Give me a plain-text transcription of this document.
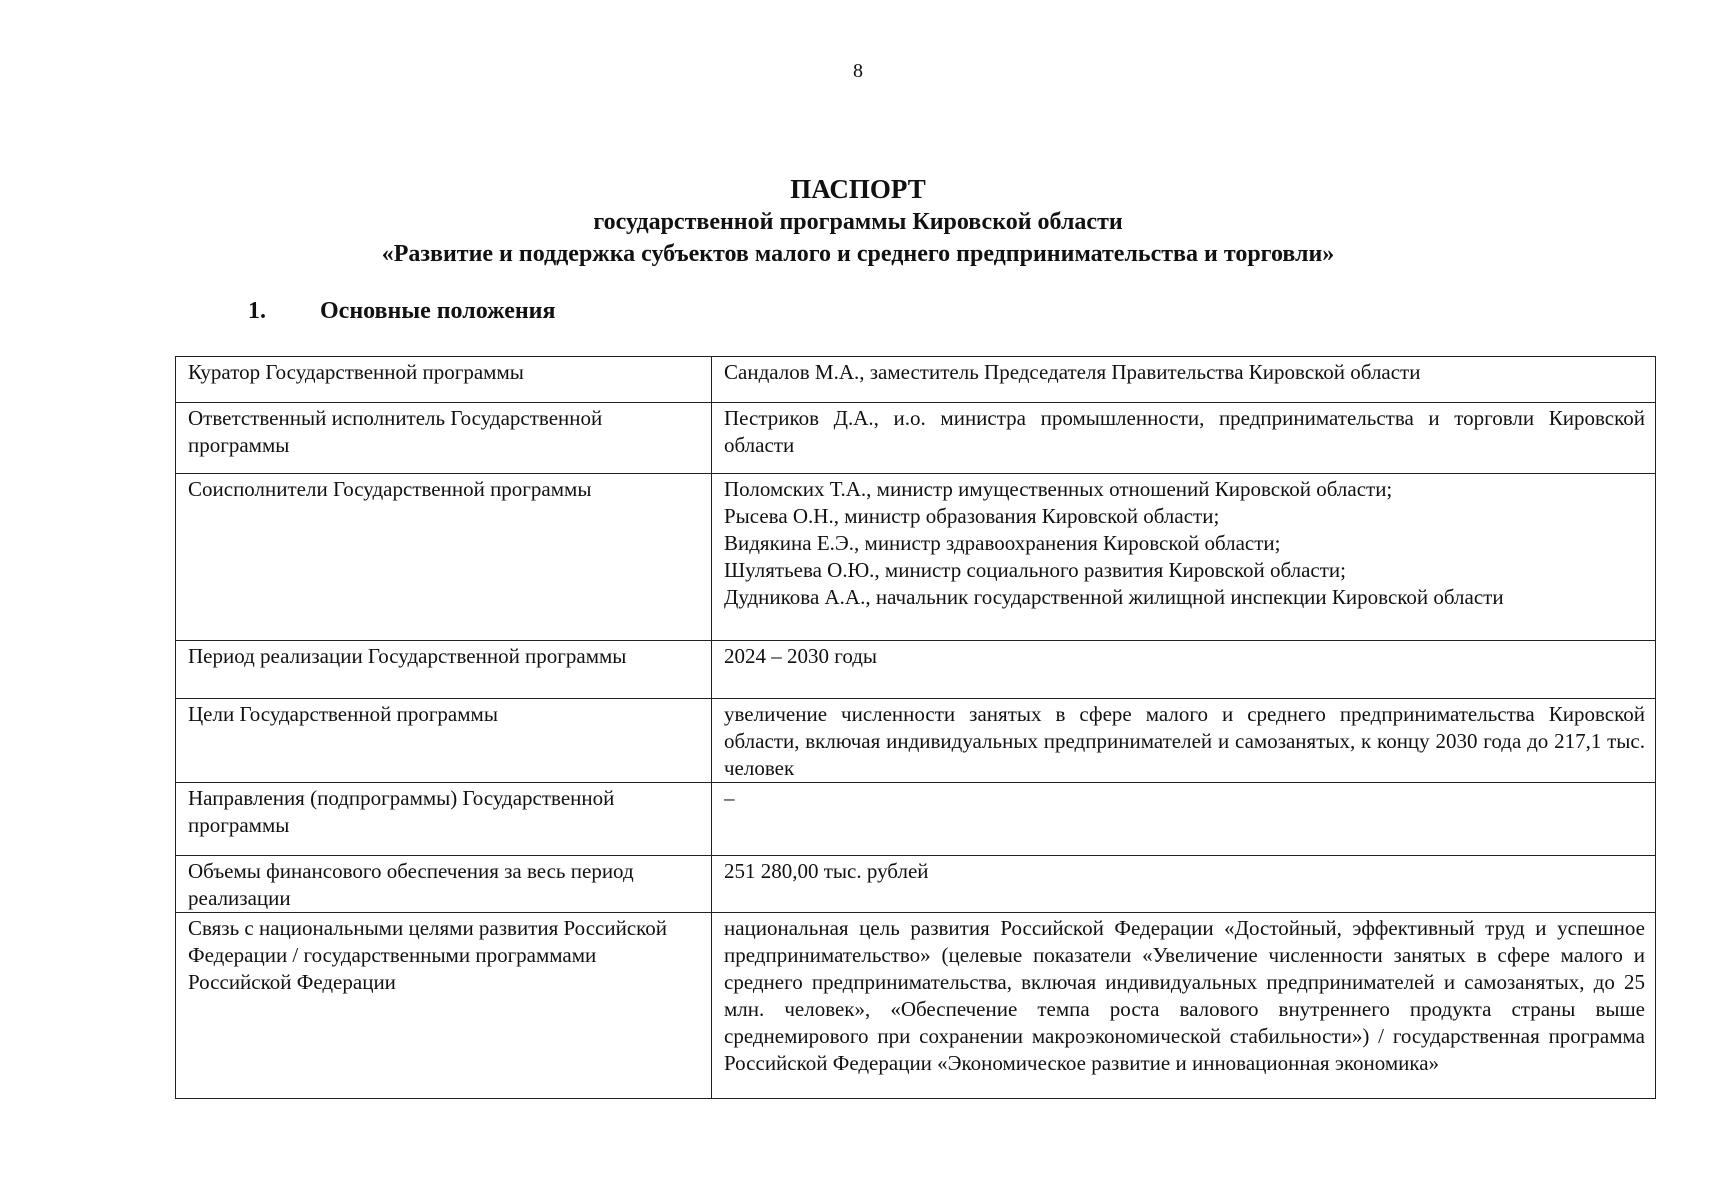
8
ПАСПОРТ
государственной программы Кировской области
«Развитие и поддержка субъектов малого и среднего предпринимательства и торговли»
1. Основные положения
Куратор Государственной программы	Сандалов М.А., заместитель Председателя Правительства Кировской области

Ответственный исполнитель Государственной программы	Пестриков Д.А., и.о. министра промышленности, предпринимательства и торговли Кировской области

Соисполнители Государственной программы	Поломских Т.А., министр имущественных отношений Кировской области;
Рысева О.Н., министр образования Кировской области;
Видякина Е.Э., министр здравоохранения Кировской области;
Шулятьева О.Ю., министр социального развития Кировской области;
Дудникова А.А., начальник государственной жилищной инспекции Кировской области

Период реализации Государственной программы	2024 – 2030 годы

Цели Государственной программы	увеличение численности занятых в сфере малого и среднего предпринимательства Кировской области, включая индивидуальных предпринимателей и самозанятых, к концу 2030 года до 217,1 тыс. человек

Направления (подпрограммы) Государственной программы	–

Объемы финансового обеспечения за весь период реализации	251 280,00 тыс. рублей

Связь с национальными целями развития Российской Федерации / государственными программами Российской Федерации	национальная цель развития Российской Федерации «Достойный, эффективный труд и успешное предпринимательство» (целевые показатели «Увеличение численности занятых в сфере малого и среднего предпринимательства, включая индивидуальных предпринимателей и самозанятых, до 25 млн. человек», «Обеспечение темпа роста валового внутреннего продукта страны выше среднемирового при сохранении макроэкономической стабильности») / государственная программа Российской Федерации «Экономическое развитие и инновационная экономика»
